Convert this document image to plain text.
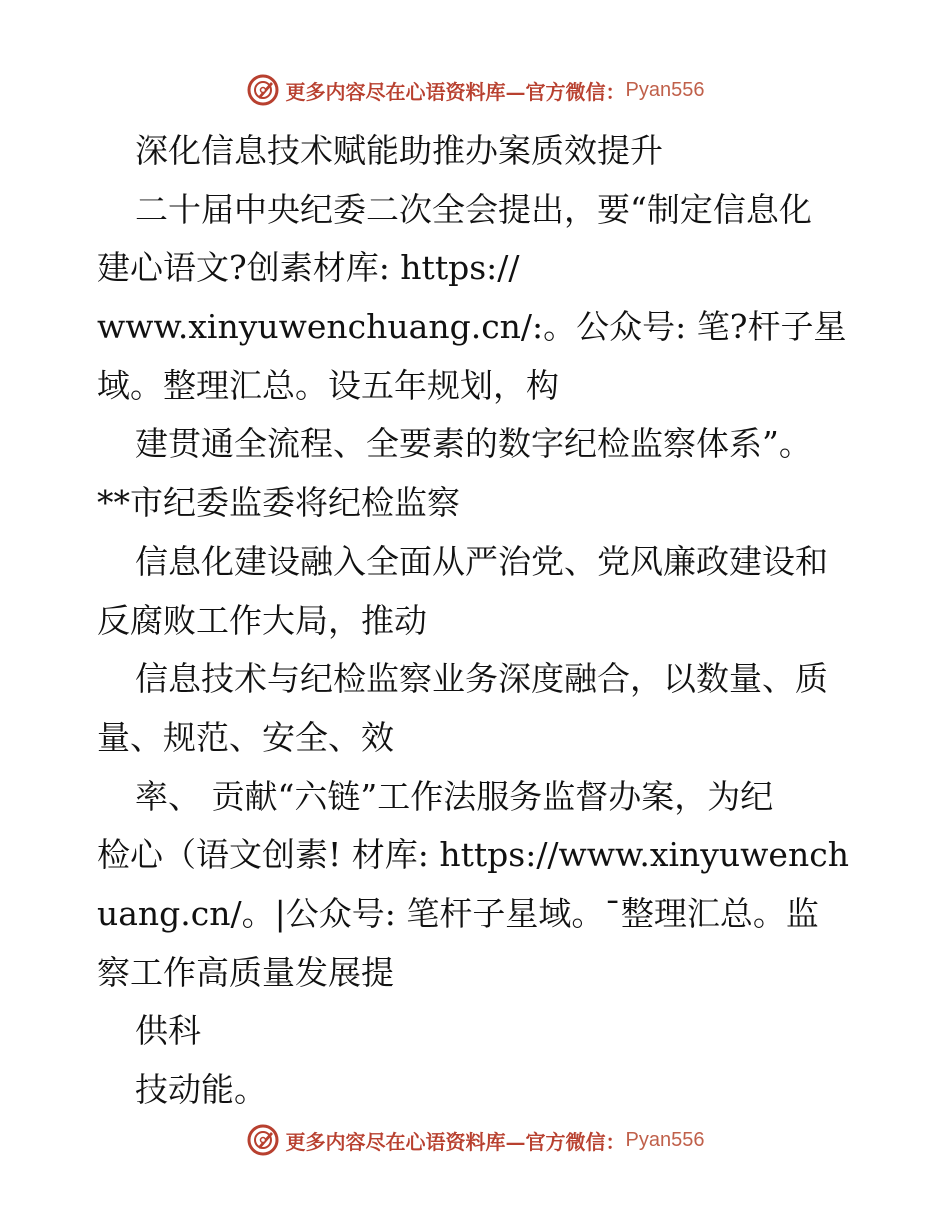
更多内容尽在心语资料库—官方微信： Pyan556
深化信息技术赋能助推办案质效提升
二十届中央纪委二次全会提出，要“制定信息化
建心语文?创素材库: https://
www.xinyuwenchuang.cn/:。公众号: 笔?杆子星
域。整理汇总。设五年规划，构
建贯通全流程、全要素的数字纪检监察体系”。
**市纪委监委将纪检监察
信息化建设融入全面从严治党、党风廉政建设和
反腐败工作大局，推动
信息技术与纪检监察业务深度融合，以数量、质
量、规范、安全、效
率、 贡献“六链”工作法服务监督办案，为纪
检心（语文创素! 材库: https://www.xinyuwench
uang.cn/。|公众号: 笔杆子星域。¯整理汇总。监
察工作高质量发展提
供科
技动能。
更多内容尽在心语资料库—官方微信： Pyan556
